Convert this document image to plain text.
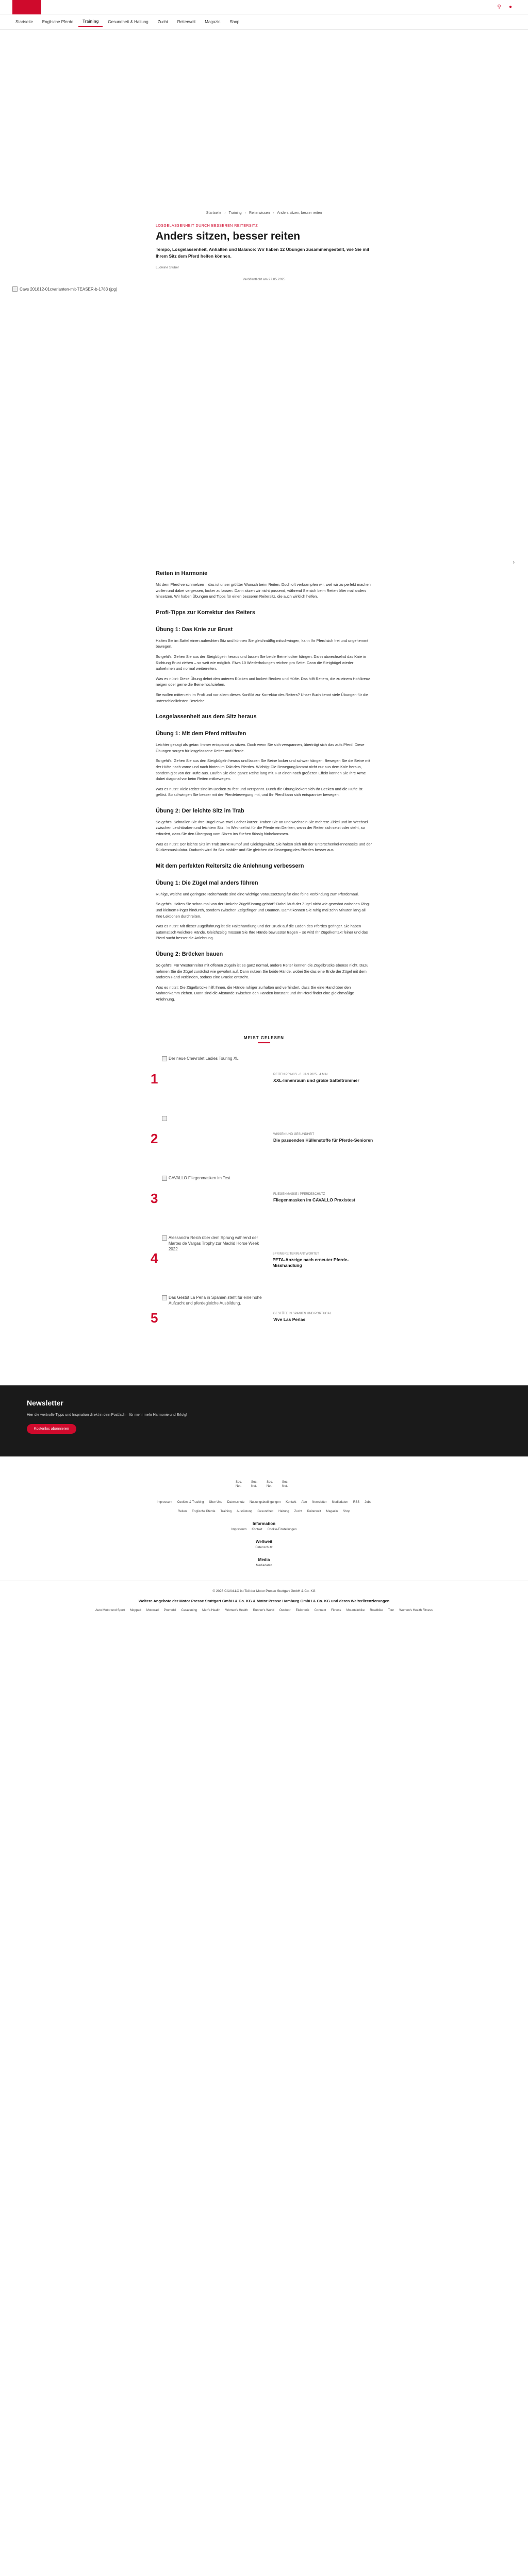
⚲ ●
Startseite	Englische Pferde	Training	Gesundheit & Haltung	Zucht	Reiterwelt	Magazin	Shop
Startseite › Training › Reiterwissen › Anders sitzen, besser reiten
LOSGELASSENHEIT DURCH BESSEREN REITERSITZ
Anders sitzen, besser reiten

Tempo, Losgelassenheit, Anhalten und Balance: Wir haben 12 Übungen zusammengestellt, wie Sie mit Ihrem Sitz dem Pferd helfen können.

Ludwine Stuber
Veröffentlicht am 27.05.2025
Cavs 201812-01cvarianten-mit-TEASER-b-1783 (jpg)
›
Reiten in Harmonie

Mit dem Pferd verschmelzen – das ist unser größter Wunsch beim Reiten. Doch oft verkrampfen wir, weil wir zu perfekt machen wollen und dabei vergessen, locker zu lassen. Dann sitzen wir nicht passend, während Sie sich beim Reiten öfter mal anders hinsetzen. Wir haben Übungen und Tipps für einen besseren Reitersitz, die auch wirklich helfen.

Profi-Tipps zur Korrektur des Reiters
Übung 1: Das Knie zur Brust

Halten Sie im Sattel einen aufrechten Sitz und können Sie gleichmäßig mitschwingen, kann Ihr Pferd sich frei und ungehemmt bewegen.

So geht's: Gehen Sie aus der Steigbügeln heraus und lassen Sie beide Beine locker hängen. Dann abwechselnd das Knie in Richtung Brust ziehen – so weit wie möglich. Etwa 10 Wiederholungen reichen pro Seite. Dann die Steigbügel wieder aufnehmen und normal weiterreiten.

Was es nützt: Diese Übung dehnt den unteren Rücken und lockert Becken und Hüfte. Das hilft Reitern, die zu einem Hohlkreuz neigen oder gerne die Beine hochziehen.

Sie wollen mitten ein im Profi und vor allem dieses Konflikt zur Korrektur des Reiters? Unser Buch kennt viele Übungen für die unterschiedlichsten Bereiche:

Losgelassenheit aus dem Sitz heraus
Übung 1: Mit dem Pferd mitlaufen

Leichter gesagt als getan: Immer entspannt zu sitzen. Doch wenn Sie sich verspannen, überträgt sich das aufs Pferd. Diese Übungen sorgen für losgelassene Reiter und Pferde.

So geht's: Gehen Sie aus den Steigbügeln heraus und lassen Sie Beine locker und schwer hängen. Bewegen Sie die Beine mit der Hüfte nach vorne und nach hinten im Takt des Pferdes. Wichtig: Die Bewegung kommt nicht nur aus dem Knie heraus, sondern gibt von der Hüfte aus. Laufen Sie eine ganze Reihe lang mit. Für einen noch größeren Effekt können Sie Ihre Arme dabei diagonal vor beim Reiten mitbewegen.

Was es nützt: Viele Reiter sind im Becken zu fest und verspannt. Durch die Übung lockert sich Ihr Becken und die Hüfte ist gelöst. So schwingen Sie besser mit der Pferdebewegung mit, und Ihr Pferd kann sich entspannter bewegen.

Übung 2: Der leichte Sitz im Trab

So geht's: Schnallen Sie Ihre Bügel etwa zwei Löcher kürzer. Traben Sie an und wechseln Sie mehrere Zirkel und im Wechsel zwischen Leichttraben und leichtem Sitz. Im Wechsel ist für die Pferde ein Denken, wann der Reiter sich setzt oder steht, so erfordert, dass Sie den Übergang vom Sitzen ins Stehen flüssig hinbekommen.

Was es nützt: Der leichte Sitz im Trab stärkt Rumpf und Gleichgewicht. Sie halten sich mit der Unterschenkel-Innenseite und der Rückenmuskulatur. Dadurch wird Ihr Sitz stabiler und Sie gleichen die Bewegung des Pferdes besser aus.

Mit dem perfekten Reitersitz die Anlehnung verbessern
Übung 1: Die Zügel mal anders führen

Ruhige, weiche und geringere Reiterhände sind eine wichtige Voraussetzung für eine feine Verbindung zum Pferdemaul.

So geht's: Halten Sie schon mal von der Umkehr Zügelführung gehört? Dabei läuft der Zügel nicht wie gewohnt zwischen Ring- und kleinem Finger hindurch, sondern zwischen Zeigefinger und Daumen. Damit können Sie ruhig mal zehn Minuten lang all Ihre Lektionen durchreiten.

Was es nützt: Mit dieser Zügelführung ist die Haltehandlung und der Druck auf die Laden des Pferdes geringer. Sie haben automatisch weichere Hände. Gleichzeitig müssen Sie Ihre Hände bewusster tragen – so wird Ihr Zügelkontakt feiner und das Pferd sucht besser die Anlehnung.

Übung 2: Brücken bauen

So geht's: Für Westernreiter mit offenen Zügeln ist es ganz normal, andere Reiter kennen die Zügelbrücke ebenso nicht. Dazu nehmen Sie die Zügel zunächst wie gewohnt auf. Dann nutzen Sie beide Hände, wobei Sie das eine Ende der Zügel mit dem anderen Hand verbinden, sodass eine Brücke entsteht.

Was es nützt: Die Zügelbrücke hilft Ihnen, die Hände ruhiger zu halten und verhindert, dass Sie eine Hand über den Mähnenkamm ziehen. Dann sind die Abstände zwischen den Händen konstant und Ihr Pferd findet eine gleichmäßige Anlehnung.

MEIST GELESEN
1
Der neue Chevrolet Ladies Touring XL
REITEN PRAXIS · 6. JAN 2025 · 4 MIN
XXL-Innenraum und große Satteltrommer
2	WISSEN UND GESUNDHEIT
Die passenden Hüllenstoffe für Pferde-Senioren
3
CAVALLO Fliegenmasken im Test
FLIEGENMASKE / PFERDESCHUTZ
Fliegenmasken im CAVALLO Praxistest
4
Alessandra Reich über dem Sprung während der Martes de Vargas Trophy zur Madrid Horse Week 2022
SPRINGREITERIN ANTWORTET
PETA-Anzeige nach erneuter Pferde-Misshandlung
5
Das Gestüt La Perla in Spanien steht für eine hohe Aufzucht und pferdegleiche Ausbildung.
GESTÜTE IN SPANIEN UND PORTUGAL
Vive Las Perlas
Newsletter
Hier die wertvolle Tipps und Inspiration direkt in dein Postfach – für mehr mehr Harmonie und Erfolg!
Kostenlos abonnieren
Soc. Net.
Soc. Net.
Soc. Net.
Soc. Net.
Impressum Cookies & Tracking Über Uns Datenschutz Nutzungsbedingungen Kontakt Abo Newsletter Mediadaten RSS Jobs
Reiten Englische Pferde Training Ausrüstung Gesundheit Haltung Zucht Reiterwelt Magazin Shop
Information
Impressum Kontakt Cookie-Einstellungen
Weltweit
Datenschutz
Media
Mediadaten
© 2026 CAVALLO ist Teil der Motor Presse Stuttgart GmbH & Co. KG
Weitere Angebote der Motor Presse Stuttgart GmbH & Co. KG & Motor Presse Hamburg GmbH & Co. KG und deren Weiterlizenzierungen
Auto Motor und Sport Mopped Motorrad Promobil Caravaning Men's Health Women's Health Runner's World Outdoor Elektronik Connect Fitness Mountainbike Roadbike Tour Women's Health Fitness
